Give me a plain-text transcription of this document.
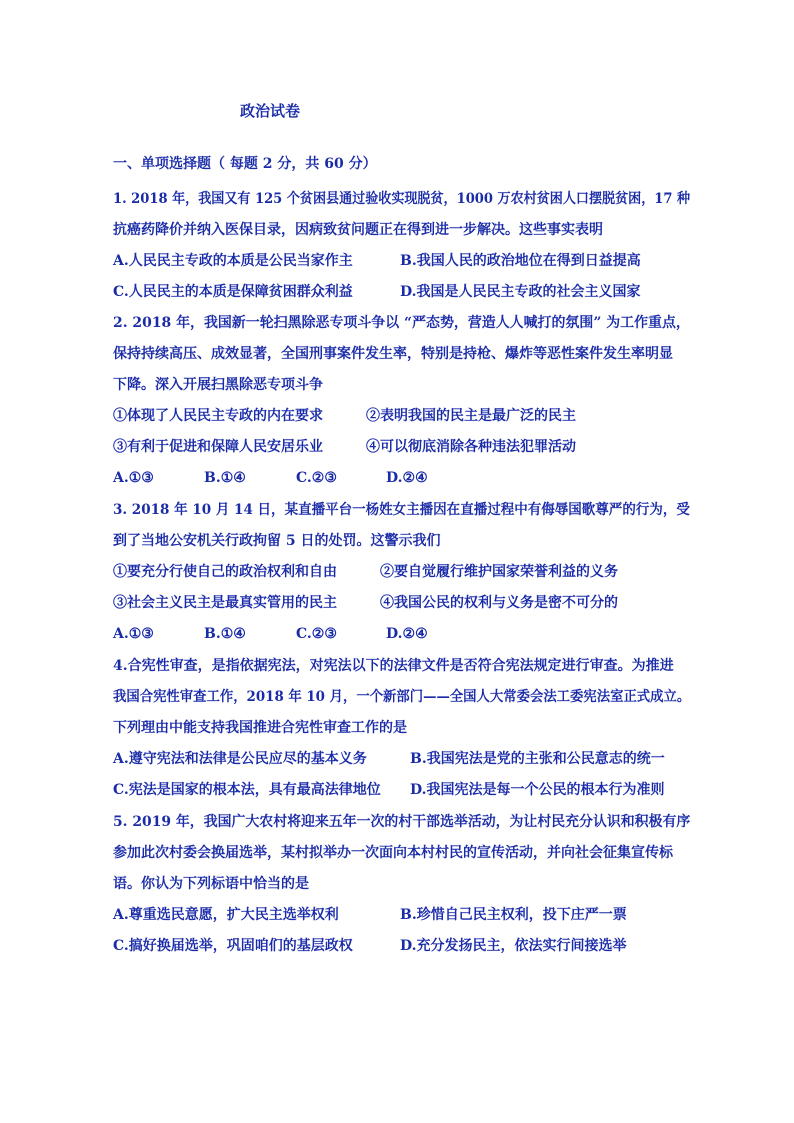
政治试卷
一、单项选择题（ 每题 2 分，共 60 分）
1. 2018 年，我国又有 125 个贫困县通过验收实现脱贫，1000 万农村贫困人口摆脱贫困，17 种
抗癌药降价并纳入医保目录，因病致贫问题正在得到进一步解决。这些事实表明
A.人民民主专政的本质是公民当家作主	B.我国人民的政治地位在得到日益提高
C.人民民主的本质是保障贫困群众利益	D.我国是人民民主专政的社会主义国家
2. 2018 年，我国新一轮扫黑除恶专项斗争以 “严态势，营造人人喊打的氛围” 为工作重点，
保持持续高压、成效显著，全国刑事案件发生率，特别是持枪、爆炸等恶性案件发生率明显
下降。深入开展扫黑除恶专项斗争
①体现了人民民主专政的内在要求	②表明我国的民主是最广泛的民主
③有利于促进和保障人民安居乐业	④可以彻底消除各种违法犯罪活动
A.①③	B.①④	C.②③	D.②④
3. 2018 年 10 月 14 日，某直播平台一杨姓女主播因在直播过程中有侮辱国歌尊严的行为，受
到了当地公安机关行政拘留 5 日的处罚。这警示我们
①要充分行使自己的政治权利和自由	②要自觉履行维护国家荣誉利益的义务
③社会主义民主是最真实管用的民主	④我国公民的权利与义务是密不可分的
A.①③	B.①④	C.②③	D.②④
4.合宪性审查，是指依据宪法，对宪法以下的法律文件是否符合宪法规定进行审查。为推进
我国合宪性审查工作，2018 年 10 月，一个新部门——全国人大常委会法工委宪法室正式成立。
下列理由中能支持我国推进合宪性审查工作的是
A.遵守宪法和法律是公民应尽的基本义务	B.我国宪法是党的主张和公民意志的统一
C.宪法是国家的根本法，具有最高法律地位 D.我国宪法是每一个公民的根本行为准则
5. 2019 年，我国广大农村将迎来五年一次的村干部选举活动，为让村民充分认识和积极有序
参加此次村委会换届选举，某村拟举办一次面向本村村民的宣传活动，并向社会征集宣传标
语。你认为下列标语中恰当的是
A.尊重选民意愿，扩大民主选举权利	B.珍惜自己民主权利，投下庄严一票
C.搞好换届选举，巩固咱们的基层政权	D.充分发扬民主，依法实行间接选举
